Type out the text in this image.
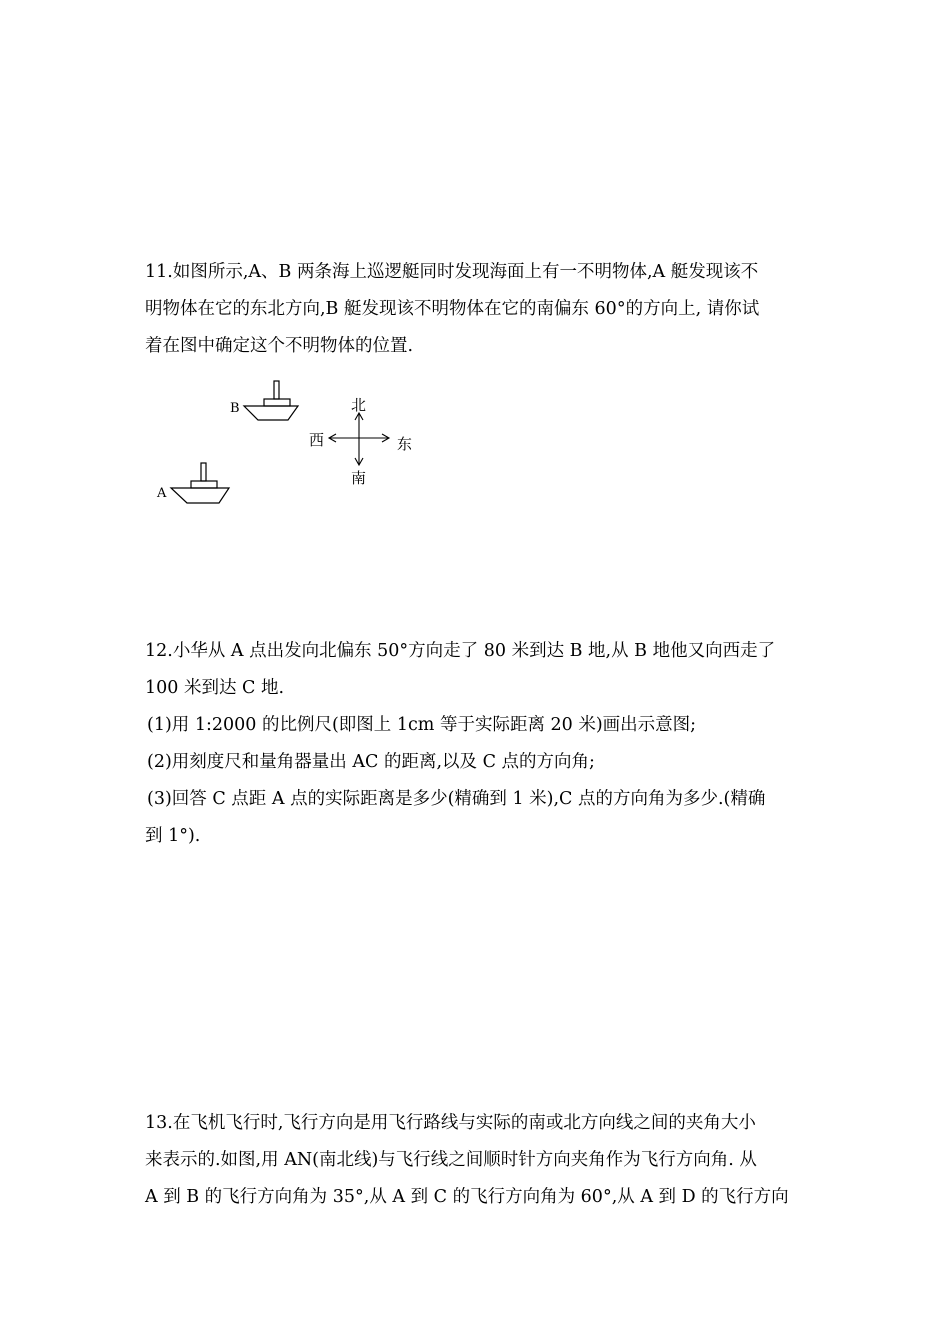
11.如图所示,A、B 两条海上巡逻艇同时发现海面上有一不明物体,A 艇发现该不
明物体在它的东北方向,B 艇发现该不明物体在它的南偏东 60°的方向上, 请你试
着在图中确定这个不明物体的位置.
B
A
北
南
西	东
12.小华从 A 点出发向北偏东 50°方向走了 80 米到达 B 地,从 B 地他又向西走了
100 米到达 C 地.
(1)用 1:2000 的比例尺(即图上 1cm 等于实际距离 20 米)画出示意图;
(2)用刻度尺和量角器量出 AC 的距离,以及 C 点的方向角;
(3)回答 C 点距 A 点的实际距离是多少(精确到 1 米),C 点的方向角为多少.(精确
到 1°).
13.在飞机飞行时,飞行方向是用飞行路线与实际的南或北方向线之间的夹角大小
来表示的.如图,用 AN(南北线)与飞行线之间顺时针方向夹角作为飞行方向角. 从
A 到 B 的飞行方向角为 35°,从 A 到 C 的飞行方向角为 60°,从 A 到 D 的飞行方向
